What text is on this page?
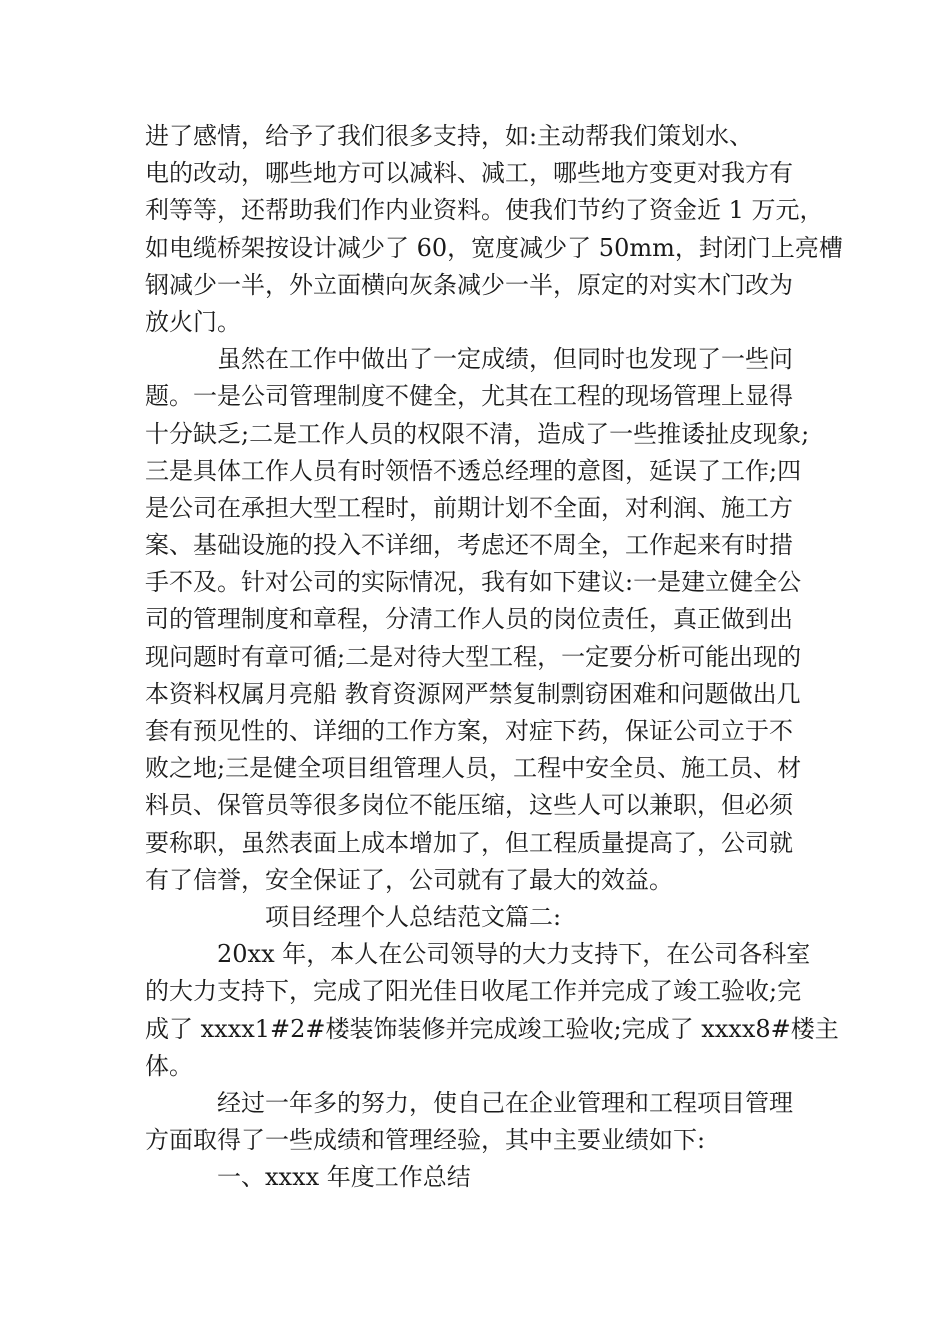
进了感情，给予了我们很多支持，如:主动帮我们策划水、
电的改动，哪些地方可以减料、减工，哪些地方变更对我方有
利等等，还帮助我们作内业资料。使我们节约了资金近 1 万元，
如电缆桥架按设计减少了 60，宽度减少了 50mm，封闭门上亮槽
钢减少一半，外立面横向灰条减少一半，原定的对实木门改为
放火门。
虽然在工作中做出了一定成绩，但同时也发现了一些问
题。一是公司管理制度不健全，尤其在工程的现场管理上显得
十分缺乏;二是工作人员的权限不清，造成了一些推诿扯皮现象;
三是具体工作人员有时领悟不透总经理的意图，延误了工作;四
是公司在承担大型工程时，前期计划不全面，对利润、施工方
案、基础设施的投入不详细，考虑还不周全，工作起来有时措
手不及。针对公司的实际情况，我有如下建议:一是建立健全公
司的管理制度和章程，分清工作人员的岗位责任，真正做到出
现问题时有章可循;二是对待大型工程，一定要分析可能出现的
本资料权属月亮船 教育资源网严禁复制剽窃困难和问题做出几
套有预见性的、详细的工作方案，对症下药，保证公司立于不
败之地;三是健全项目组管理人员，工程中安全员、施工员、材
料员、保管员等很多岗位不能压缩，这些人可以兼职，但必须
要称职，虽然表面上成本增加了，但工程质量提高了，公司就
有了信誉，安全保证了，公司就有了最大的效益。
项目经理个人总结范文篇二:
20xx 年，本人在公司领导的大力支持下，在公司各科室
的大力支持下，完成了阳光佳日收尾工作并完成了竣工验收;完
成了 xxxx1#2#楼装饰装修并完成竣工验收;完成了 xxxx8#楼主
体。
经过一年多的努力，使自己在企业管理和工程项目管理
方面取得了一些成绩和管理经验，其中主要业绩如下:
一、xxxx 年度工作总结
